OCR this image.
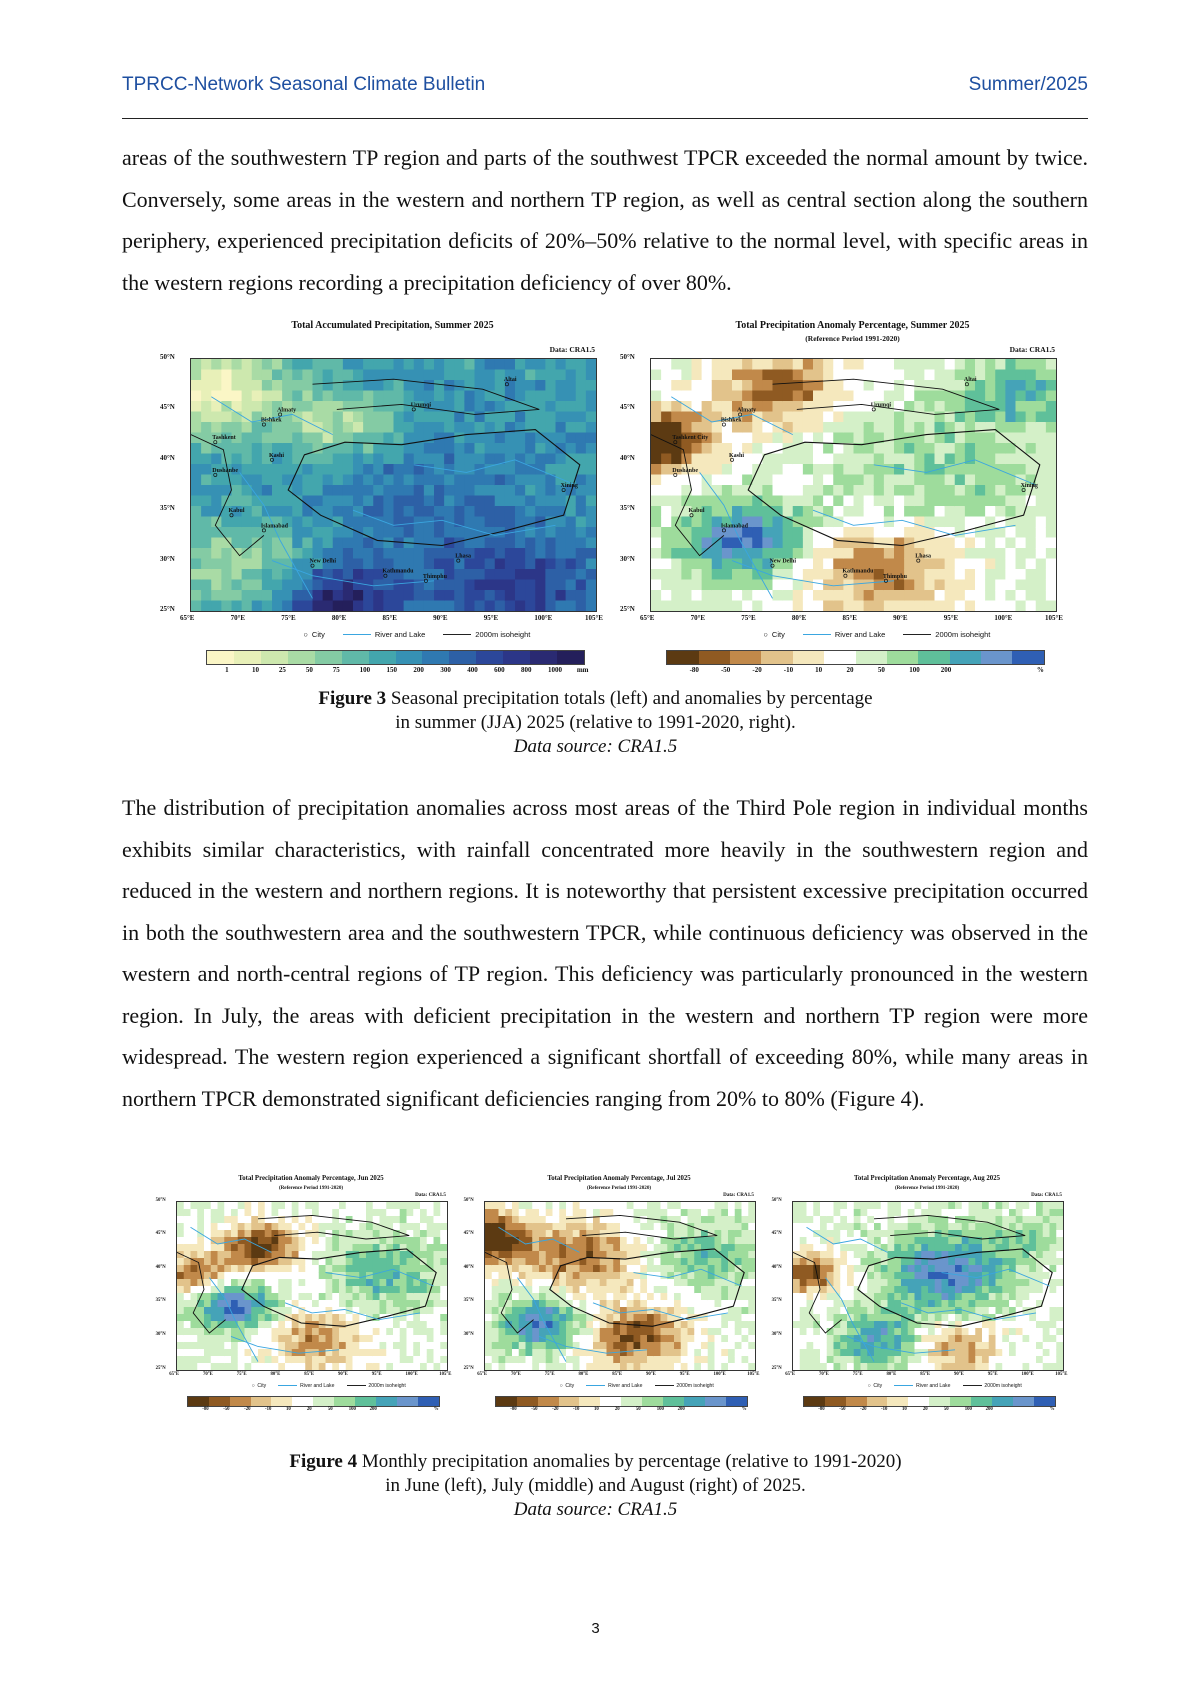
TPRCC-Network Seasonal Climate Bulletin	Summer/2025
areas of the southwestern TP region and parts of the southwest TPCR exceeded the normal amount by twice. Conversely, some areas in the western and northern TP region, as well as central section along the southern periphery, experienced precipitation deficits of 20%–50% relative to the normal level, with specific areas in the western regions recording a precipitation deficiency of over 80%.
Total Accumulated Precipitation, Summer 2025
Data: CRA1.5
Almaty
Bishkek
Urumqi
Tashkent
Kashi
Dushanbe
Kabul
Islamabad
New Delhi
Lhasa
Kathmandu
Thimphu
Xining
Altai
50°N
45°N
40°N
35°N
30°N
25°N
65°E	70°E	75°E	80°E	85°E	90°E	95°E	100°E	105°E
○ City	River and Lake	2000m isoheight
1	10	25	50	75	100 150 200 300 400 600 800 1000 mm
Total Precipitation Anomaly Percentage, Summer 2025
(Reference Period 1991-2020)
Data: CRA1.5
Almaty
Bishkek
Urumqi
Tashkent City
Kashi
Dushanbe
Kabul
Islamabad
New Delhi
Lhasa
Kathmandu
Thimphu
Xining
Altai
50°N
45°N
40°N
35°N
30°N
25°N
65°E	70°E	75°E	80°E	85°E	90°E	95°E	100°E	105°E
○ City	River and Lake	2000m isoheight
-80	-50	-20	-10	10	20	50	100	200	%
Figure 3 Seasonal precipitation totals (left) and anomalies by percentage
in summer (JJA) 2025 (relative to 1991-2020, right).
Data source: CRA1.5
The distribution of precipitation anomalies across most areas of the Third Pole region in individual months exhibits similar characteristics, with rainfall concentrated more heavily in the southwestern region and reduced in the western and northern regions. It is noteworthy that persistent excessive precipitation occurred in both the southwestern area and the southwestern TPCR, while continuous deficiency was observed in the western and north-central regions of TP region. This deficiency was particularly pronounced in the western region. In July, the areas with deficient precipitation in the western and northern TP region were more widespread. The western region experienced a significant shortfall of exceeding 80%, while many areas in northern TPCR demonstrated significant deficiencies ranging from 20% to 80% (Figure 4).
Total Precipitation Anomaly Percentage, Jun 2025
(Reference Period 1991-2020)
Data: CRA1.5
50°N
45°N
40°N
35°N
30°N
25°N
65°E	70°E	75°E	80°E	85°E	90°E	95°E	100°E	105°E
○ City	River and Lake	2000m isoheight
-80	-50	-20	-10	10	20	50	100	200	%
Total Precipitation Anomaly Percentage, Jul 2025
(Reference Period 1991-2020)
Data: CRA1.5
50°N
45°N
40°N
35°N
30°N
25°N
65°E	70°E	75°E	80°E	85°E	90°E	95°E	100°E	105°E
○ City	River and Lake	2000m isoheight
-80	-50	-20	-10	10	20	50	100	200	%
Total Precipitation Anomaly Percentage, Aug 2025
(Reference Period 1991-2020)
Data: CRA1.5
50°N
45°N
40°N
35°N
30°N
25°N
65°E	70°E	75°E	80°E	85°E	90°E	95°E	100°E	105°E
○ City	River and Lake	2000m isoheight
-80	-50	-20	-10	10	20	50	100	200	%
Figure 4 Monthly precipitation anomalies by percentage (relative to 1991-2020)
in June (left), July (middle) and August (right) of 2025.
Data source: CRA1.5
3
